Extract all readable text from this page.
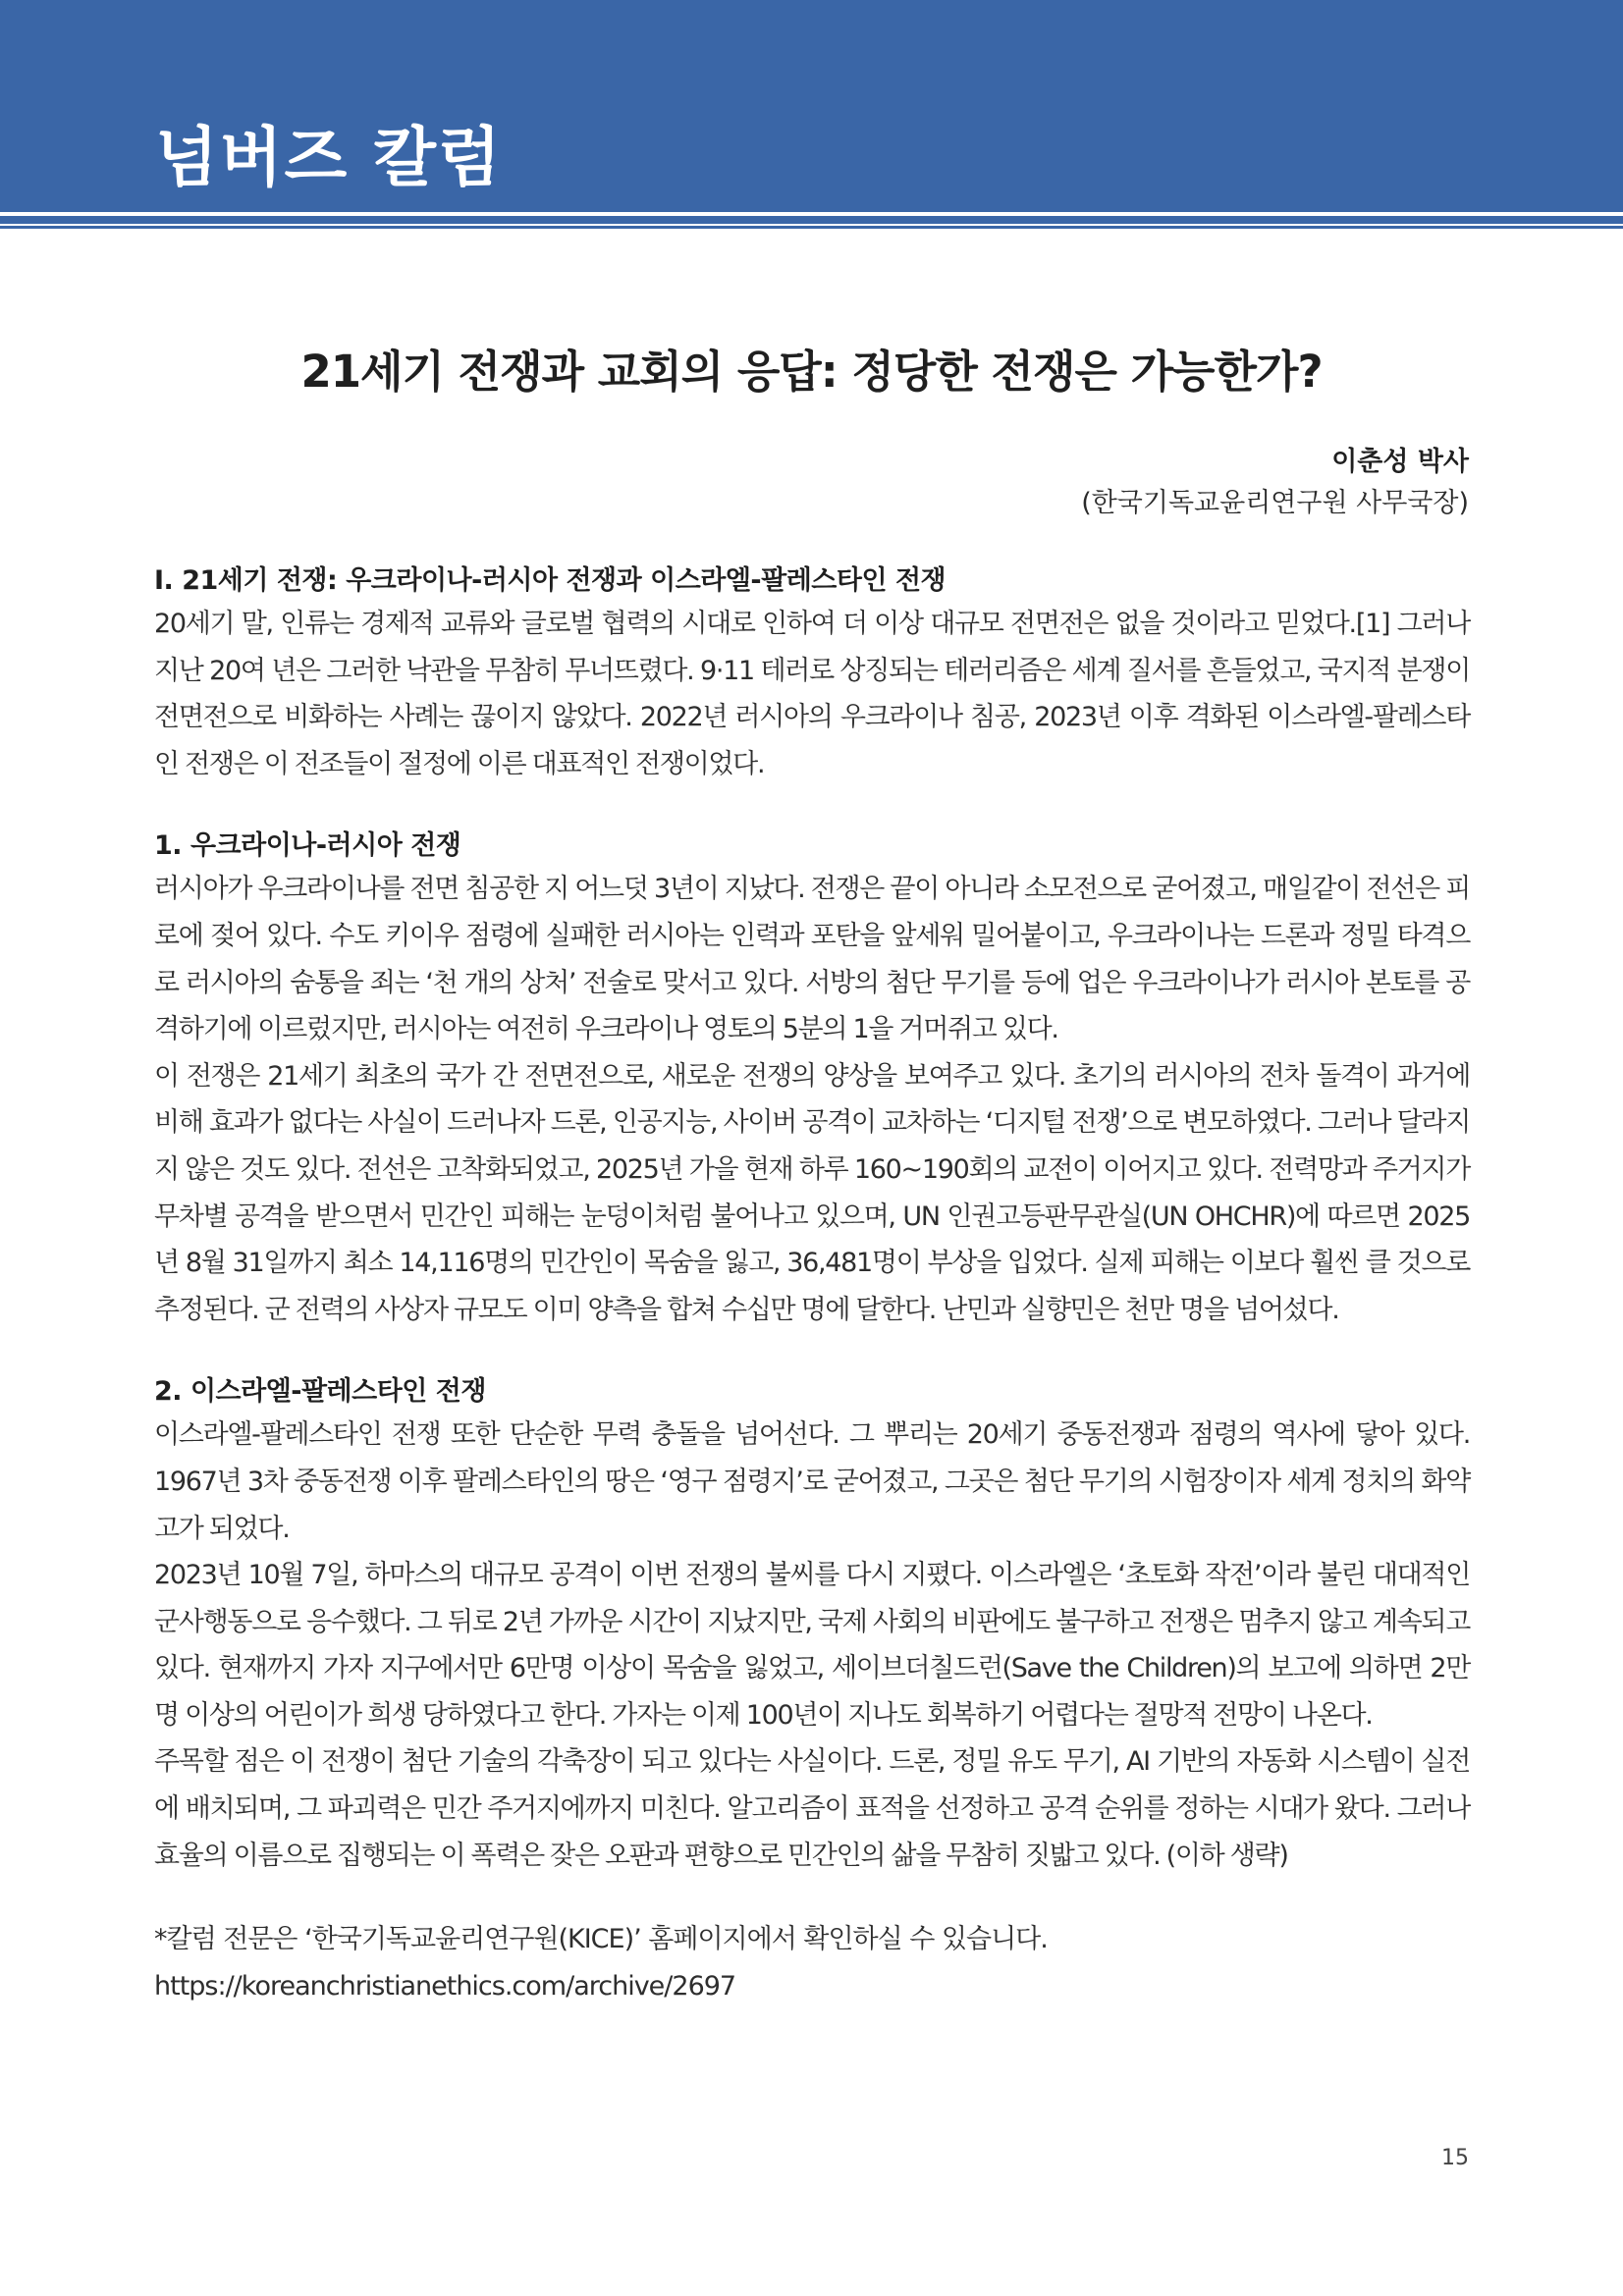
넘버즈 칼럼
21세기 전쟁과 교회의 응답: 정당한 전쟁은 가능한가?
이춘성 박사
(한국기독교윤리연구원 사무국장)

Ⅰ. 21세기 전쟁: 우크라이나-러시아 전쟁과 이스라엘-팔레스타인 전쟁

20세기 말, 인류는 경제적 교류와 글로벌 협력의 시대로 인하여 더 이상 대규모 전면전은 없을 것이라고 믿었다.[1] 그러나 지난 20여 년은 그러한 낙관을 무참히 무너뜨렸다. 9·11 테러로 상징되는 테러리즘은 세계 질서를 흔들었고, 국지적 분쟁이 전면전으로 비화하는 사례는 끊이지 않았다. 2022년 러시아의 우크라이나 침공, 2023년 이후 격화된 이스라엘-팔레스타인 전쟁은 이 전조들이 절정에 이른 대표적인 전쟁이었다.

1. 우크라이나-러시아 전쟁

러시아가 우크라이나를 전면 침공한 지 어느덧 3년이 지났다. 전쟁은 끝이 아니라 소모전으로 굳어졌고, 매일같이 전선은 피로에 젖어 있다. 수도 키이우 점령에 실패한 러시아는 인력과 포탄을 앞세워 밀어붙이고, 우크라이나는 드론과 정밀 타격으로 러시아의 숨통을 죄는 ‘천 개의 상처’ 전술로 맞서고 있다. 서방의 첨단 무기를 등에 업은 우크라이나가 러시아 본토를 공격하기에 이르렀지만, 러시아는 여전히 우크라이나 영토의 5분의 1을 거머쥐고 있다.

이 전쟁은 21세기 최초의 국가 간 전면전으로, 새로운 전쟁의 양상을 보여주고 있다. 초기의 러시아의 전차 돌격이 과거에 비해 효과가 없다는 사실이 드러나자 드론, 인공지능, 사이버 공격이 교차하는 ‘디지털 전쟁’으로 변모하였다. 그러나 달라지지 않은 것도 있다. 전선은 고착화되었고, 2025년 가을 현재 하루 160~190회의 교전이 이어지고 있다. 전력망과 주거지가 무차별 공격을 받으면서 민간인 피해는 눈덩이처럼 불어나고 있으며, UN 인권고등판무관실(UN OHCHR)에 따르면 2025년 8월 31일까지 최소 14,116명의 민간인이 목숨을 잃고, 36,481명이 부상을 입었다. 실제 피해는 이보다 훨씬 클 것으로 추정된다. 군 전력의 사상자 규모도 이미 양측을 합쳐 수십만 명에 달한다. 난민과 실향민은 천만 명을 넘어섰다.

2. 이스라엘-팔레스타인 전쟁

이스라엘-팔레스타인 전쟁 또한 단순한 무력 충돌을 넘어선다. 그 뿌리는 20세기 중동전쟁과 점령의 역사에 닿아 있다. 1967년 3차 중동전쟁 이후 팔레스타인의 땅은 ‘영구 점령지’로 굳어졌고, 그곳은 첨단 무기의 시험장이자 세계 정치의 화약고가 되었다.

2023년 10월 7일, 하마스의 대규모 공격이 이번 전쟁의 불씨를 다시 지폈다. 이스라엘은 ‘초토화 작전’이라 불린 대대적인 군사행동으로 응수했다. 그 뒤로 2년 가까운 시간이 지났지만, 국제 사회의 비판에도 불구하고 전쟁은 멈추지 않고 계속되고 있다. 현재까지 가자 지구에서만 6만명 이상이 목숨을 잃었고, 세이브더칠드런(Save the Children)의 보고에 의하면 2만명 이상의 어린이가 희생 당하였다고 한다. 가자는 이제 100년이 지나도 회복하기 어렵다는 절망적 전망이 나온다.

주목할 점은 이 전쟁이 첨단 기술의 각축장이 되고 있다는 사실이다. 드론, 정밀 유도 무기, AI 기반의 자동화 시스템이 실전에 배치되며, 그 파괴력은 민간 주거지에까지 미친다. 알고리즘이 표적을 선정하고 공격 순위를 정하는 시대가 왔다. 그러나 효율의 이름으로 집행되는 이 폭력은 잦은 오판과 편향으로 민간인의 삶을 무참히 짓밟고 있다. (이하 생략)

*칼럼 전문은 ‘한국기독교윤리연구원(KICE)’ 홈페이지에서 확인하실 수 있습니다.

https://koreanchristianethics.com/archive/2697

15
